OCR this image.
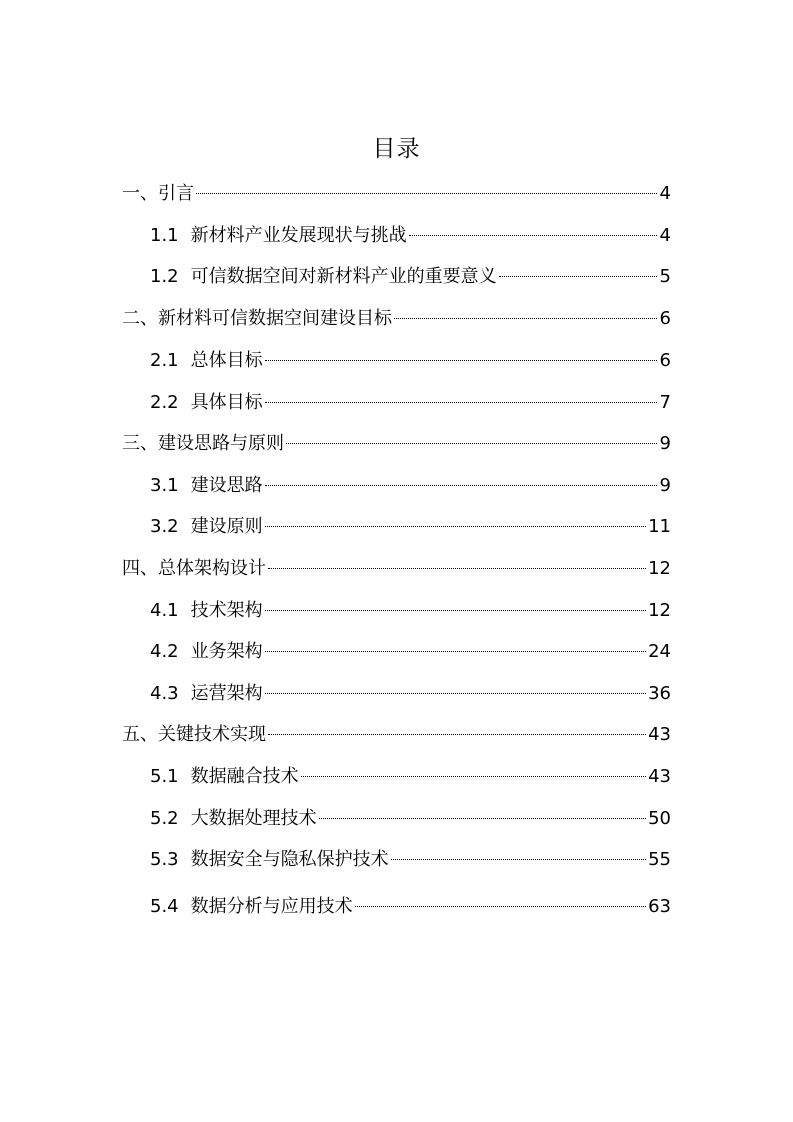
目录
一、引言	4
1.1 新材料产业发展现状与挑战	4
1.2 可信数据空间对新材料产业的重要意义	5
二、新材料可信数据空间建设目标	6
2.1 总体目标	6
2.2 具体目标	7
三、建设思路与原则	9
3.1 建设思路	9
3.2 建设原则	11
四、总体架构设计	12
4.1 技术架构	12
4.2 业务架构	24
4.3 运营架构	36
五、关键技术实现	43
5.1 数据融合技术	43
5.2 大数据处理技术	50
5.3 数据安全与隐私保护技术	55
5.4 数据分析与应用技术	63
